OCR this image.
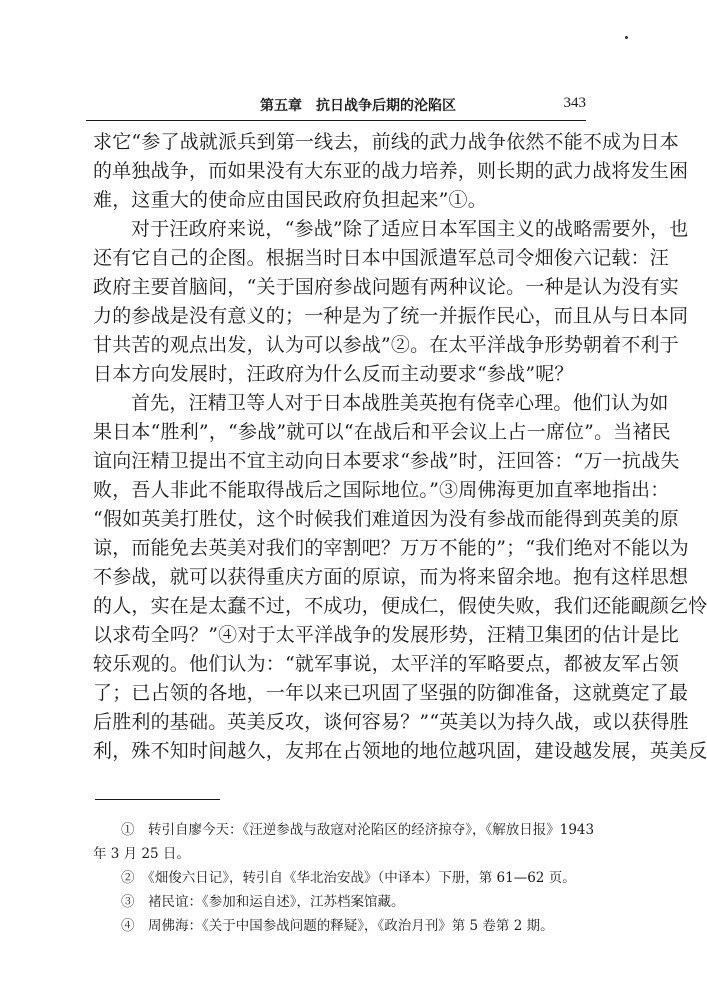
第五章　抗日战争后期的沦陷区	343
求它“参了战就派兵到第一线去，前线的武力战争依然不能不成为日本
的单独战争，而如果没有大东亚的战力培养，则长期的武力战将发生困
难，这重大的使命应由国民政府负担起来”①。
对于汪政府来说，“参战”除了适应日本军国主义的战略需要外，也
还有它自己的企图。根据当时日本中国派遣军总司令畑俊六记载：汪
政府主要首脑间，“关于国府参战问题有两种议论。一种是认为没有实
力的参战是没有意义的；一种是为了统一并振作民心，而且从与日本同
甘共苦的观点出发，认为可以参战”②。在太平洋战争形势朝着不利于
日本方向发展时，汪政府为什么反而主动要求“参战”呢？
首先，汪精卫等人对于日本战胜美英抱有侥幸心理。他们认为如
果日本“胜利”，“参战”就可以“在战后和平会议上占一席位”。当褚民
谊向汪精卫提出不宜主动向日本要求“参战”时，汪回答：“万一抗战失
败，吾人非此不能取得战后之国际地位。”③周佛海更加直率地指出：
“假如英美打胜仗，这个时候我们难道因为没有参战而能得到英美的原
谅，而能免去英美对我们的宰割吧？万万不能的”；“我们绝对不能以为
不参战，就可以获得重庆方面的原谅，而为将来留余地。抱有这样思想
的人，实在是太蠢不过，不成功，便成仁，假使失败，我们还能靦颜乞怜
以求苟全吗？”④对于太平洋战争的发展形势，汪精卫集团的估计是比
较乐观的。他们认为：“就军事说，太平洋的军略要点，都被友军占领
了；已占领的各地，一年以来已巩固了坚强的防御准备，这就奠定了最
后胜利的基础。英美反攻，谈何容易？”“英美以为持久战，或以获得胜
利，殊不知时间越久，友邦在占领地的地位越巩固，建设越发展，英美反
①　转引自廖今天：《汪逆参战与敌寇对沦陷区的经济掠夺》，《解放日报》1943
年 3 月 25 日。
②　《畑俊六日记》，转引自《华北治安战》（中译本）下册，第 61—62 页。
③　褚民谊：《参加和运自述》，江苏档案馆藏。
④　周佛海：《关于中国参战问题的释疑》，《政治月刊》第 5 卷第 2 期。
